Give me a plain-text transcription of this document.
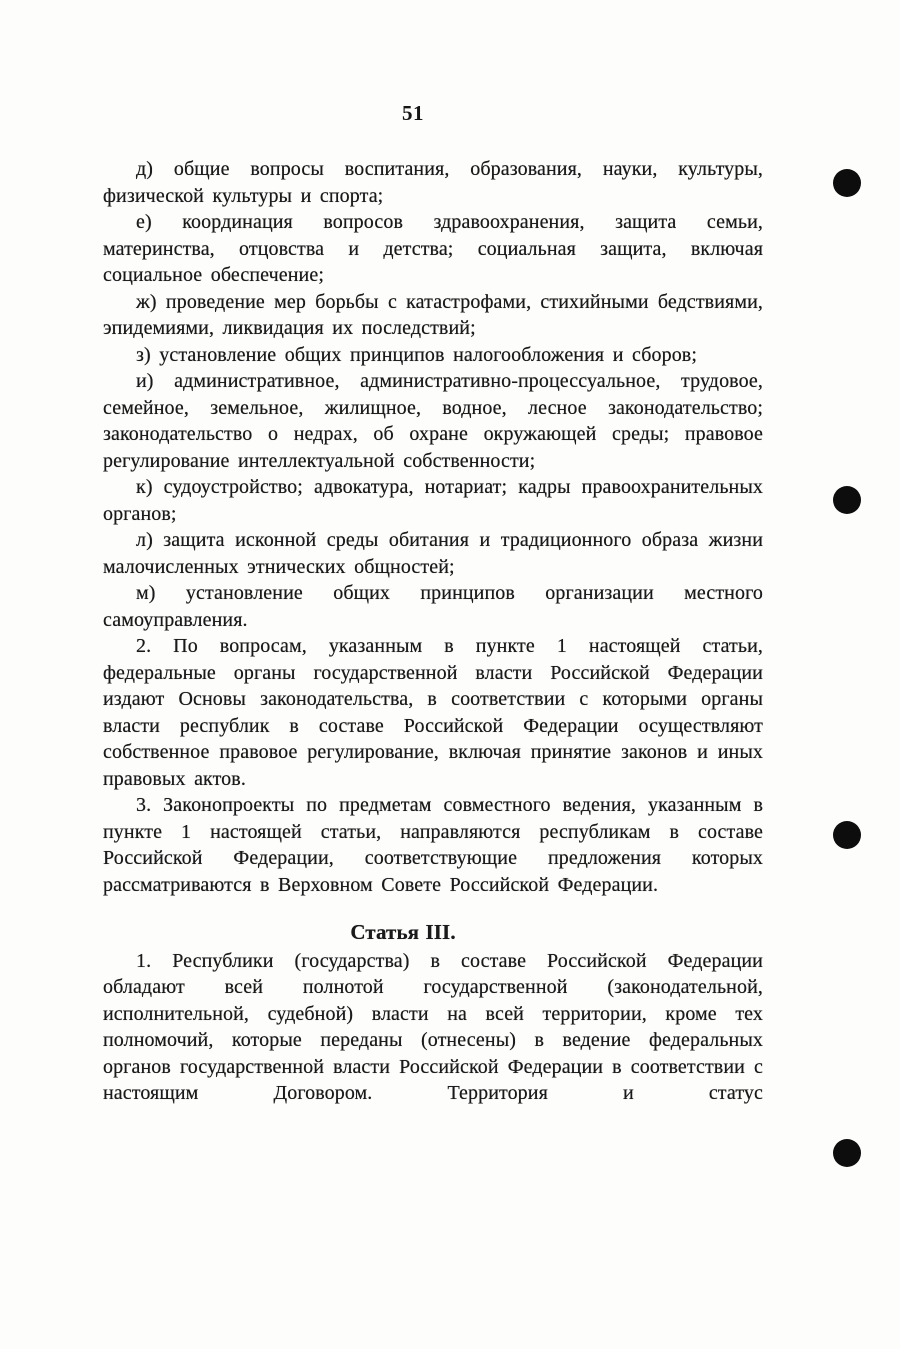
51

д) общие вопросы воспитания, образования, науки, культуры, физической культуры и спорта;

е) координация вопросов здравоохранения, защита семьи, материнства, отцовства и детства; социальная защита, включая социальное обеспечение;

ж) проведение мер борьбы с катастрофами, стихийными бедствиями, эпидемиями, ликвидация их последствий;

з) установление общих принципов налогообложения и сборов;

и) административное, административно-процессуальное, трудовое, семейное, земельное, жилищное, водное, лесное законодательство; законодательство о недрах, об охране окружающей среды; правовое регулирование интеллектуальной собственности;

к) судоустройство; адвокатура, нотариат; кадры правоохранительных органов;

л) защита исконной среды обитания и традиционного образа жизни малочисленных этнических общностей;

м) установление общих принципов организации местного самоуправления.

2. По вопросам, указанным в пункте 1 настоящей статьи, федеральные органы государственной власти Российской Федерации издают Основы законодательства, в соответствии с которыми органы власти республик в составе Российской Федерации осуществляют собственное правовое регулирование, включая принятие законов и иных правовых актов.

3. Законопроекты по предметам совместного ведения, указанным в пункте 1 настоящей статьи, направляются республикам в составе Российской Федерации, соответствующие предложения которых рассматриваются в Верховном Совете Российской Федерации.

Статья III.

1. Республики (государства) в составе Российской Федерации обладают всей полнотой государственной (законодательной, исполнительной, судебной) власти на всей территории, кроме тех полномочий, которые переданы (отнесены) в ведение федеральных органов государственной власти Российской Федерации в соответствии с настоящим Договором. Территория и статус
